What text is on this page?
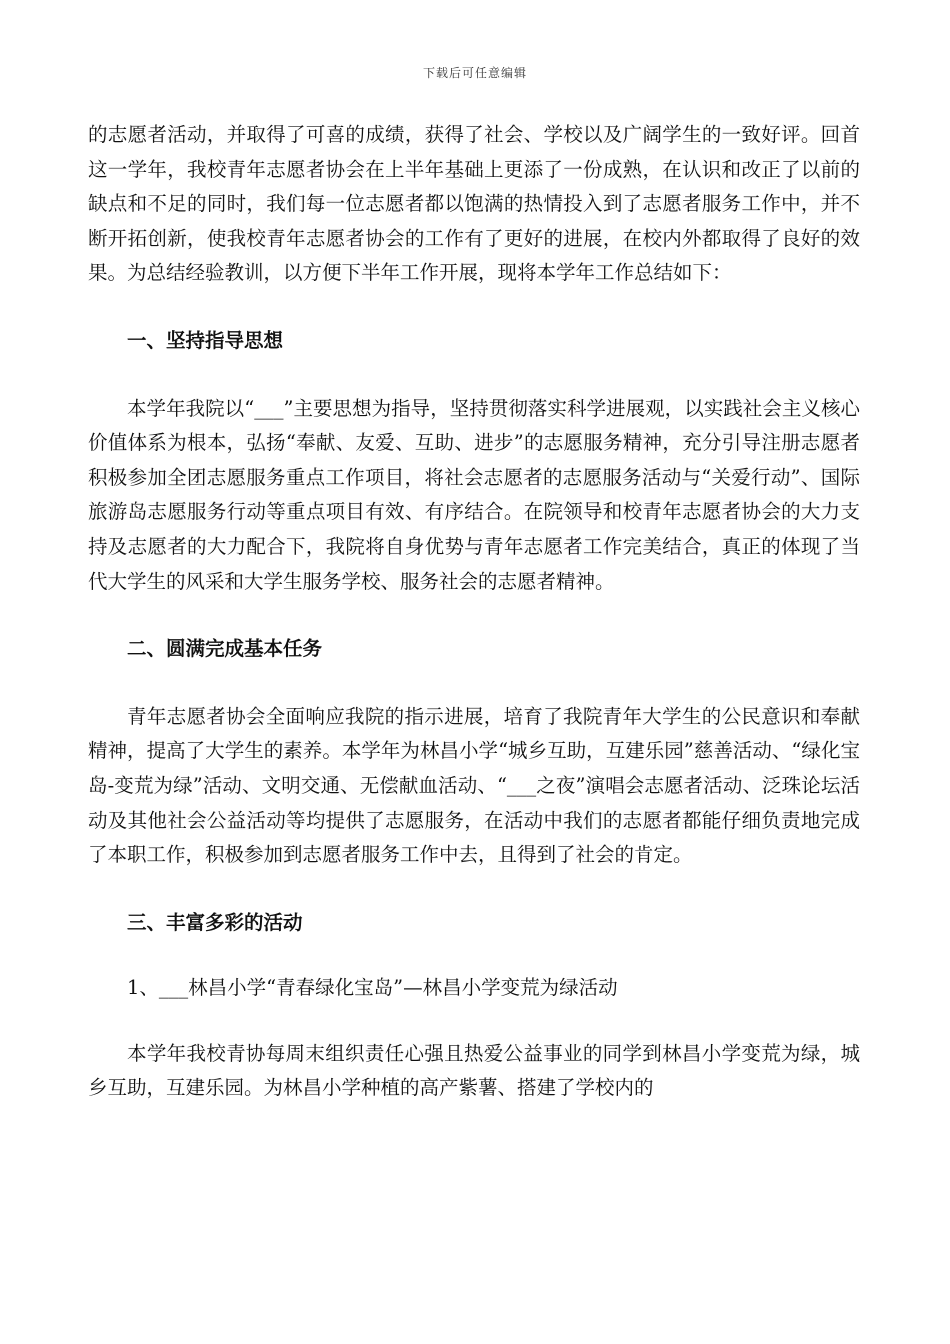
下载后可任意编辑

的志愿者活动，并取得了可喜的成绩，获得了社会、学校以及广阔学生的一致好评。回首这一学年，我校青年志愿者协会在上半年基础上更添了一份成熟，在认识和改正了以前的缺点和不足的同时，我们每一位志愿者都以饱满的热情投入到了志愿者服务工作中，并不断开拓创新，使我校青年志愿者协会的工作有了更好的进展，在校内外都取得了良好的效果。为总结经验教训，以方便下半年工作开展，现将本学年工作总结如下：

一、坚持指导思想

本学年我院以“___”主要思想为指导，坚持贯彻落实科学进展观，以实践社会主义核心价值体系为根本，弘扬“奉献、友爱、互助、进步”的志愿服务精神，充分引导注册志愿者积极参加全团志愿服务重点工作项目，将社会志愿者的志愿服务活动与“关爱行动”、国际旅游岛志愿服务行动等重点项目有效、有序结合。在院领导和校青年志愿者协会的大力支持及志愿者的大力配合下，我院将自身优势与青年志愿者工作完美结合，真正的体现了当代大学生的风采和大学生服务学校、服务社会的志愿者精神。

二、圆满完成基本任务

青年志愿者协会全面响应我院的指示进展，培育了我院青年大学生的公民意识和奉献精神，提高了大学生的素养。本学年为林昌小学“城乡互助，互建乐园”慈善活动、“绿化宝岛-变荒为绿”活动、文明交通、无偿献血活动、“___之夜”演唱会志愿者活动、泛珠论坛活动及其他社会公益活动等均提供了志愿服务，在活动中我们的志愿者都能仔细负责地完成了本职工作，积极参加到志愿者服务工作中去，且得到了社会的肯定。

三、丰富多彩的活动

1、___林昌小学“青春绿化宝岛”—林昌小学变荒为绿活动

本学年我校青协每周末组织责任心强且热爱公益事业的同学到林昌小学变荒为绿，城乡互助，互建乐园。为林昌小学种植的高产紫薯、搭建了学校内的
